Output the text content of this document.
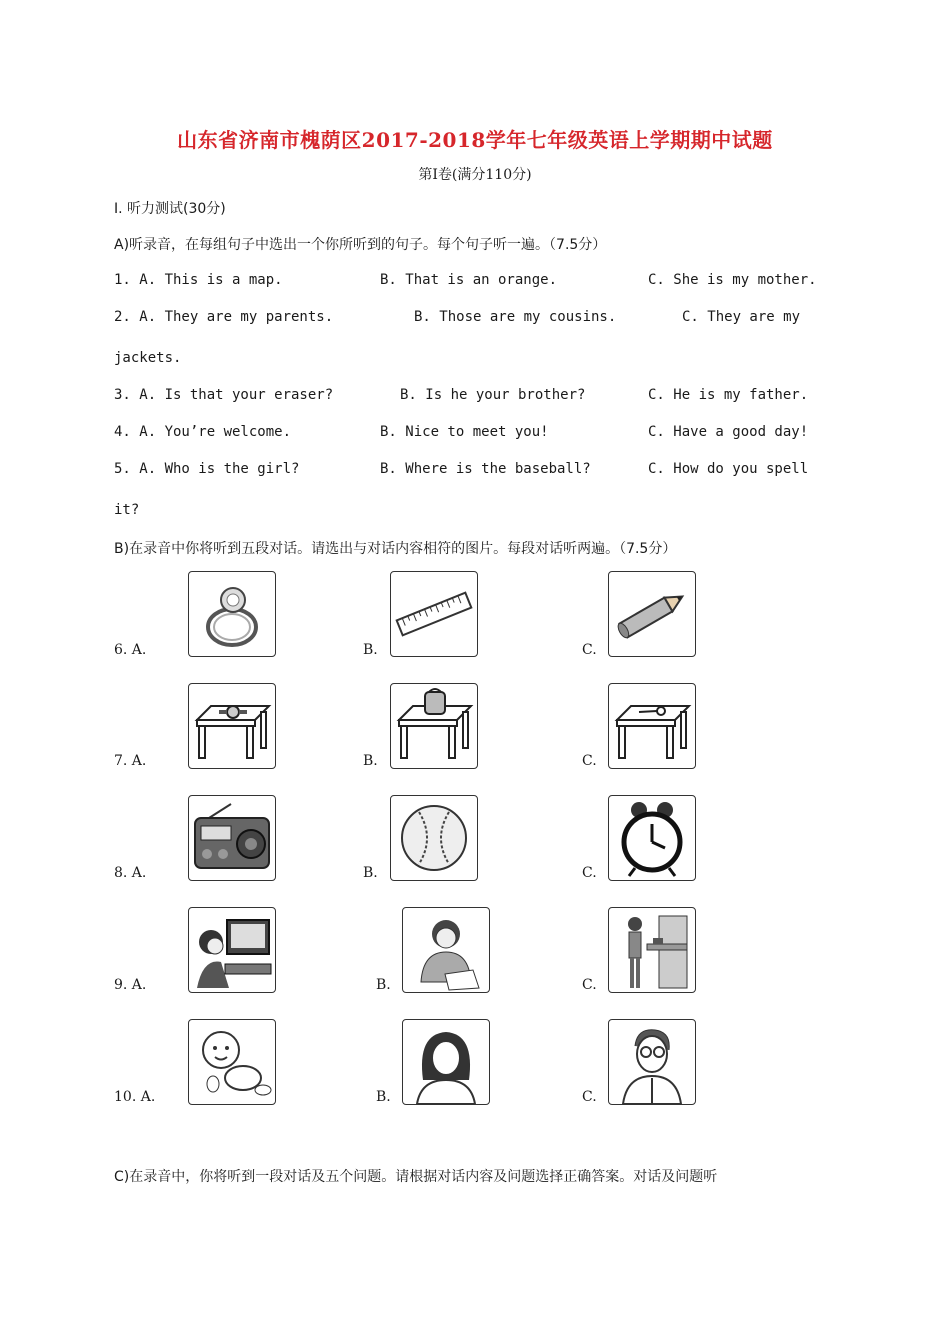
山东省济南市槐荫区2017-2018学年七年级英语上学期期中试题
第Ⅰ卷(满分110分)
I. 听力测试(30分)
A)听录音，在每组句子中选出一个你所听到的句子。每个句子听一遍。（7.5分）
1. A. This is a map.	B. That is an orange.	C. She is my mother.
2. A. They are my parents.	B. Those are my cousins.	C. They are my
jackets.
3. A. Is that your eraser?	B. Is he your brother?	C. He is my father.
4. A. You’re welcome.	B. Nice to meet you!	C. Have a good day!
5. A. Who is the girl?	B. Where is the baseball?	C. How do you spell
it?
B)在录音中你将听到五段对话。请选出与对话内容相符的图片。每段对话听两遍。（7.5分）
6. A.	B.	C.
7. A.	B.	C.
8. A.	B.	C.
9. A.	B.	C.
10. A.	B.	C.
C)在录音中，你将听到一段对话及五个问题。请根据对话内容及问题选择正确答案。对话及问题听
